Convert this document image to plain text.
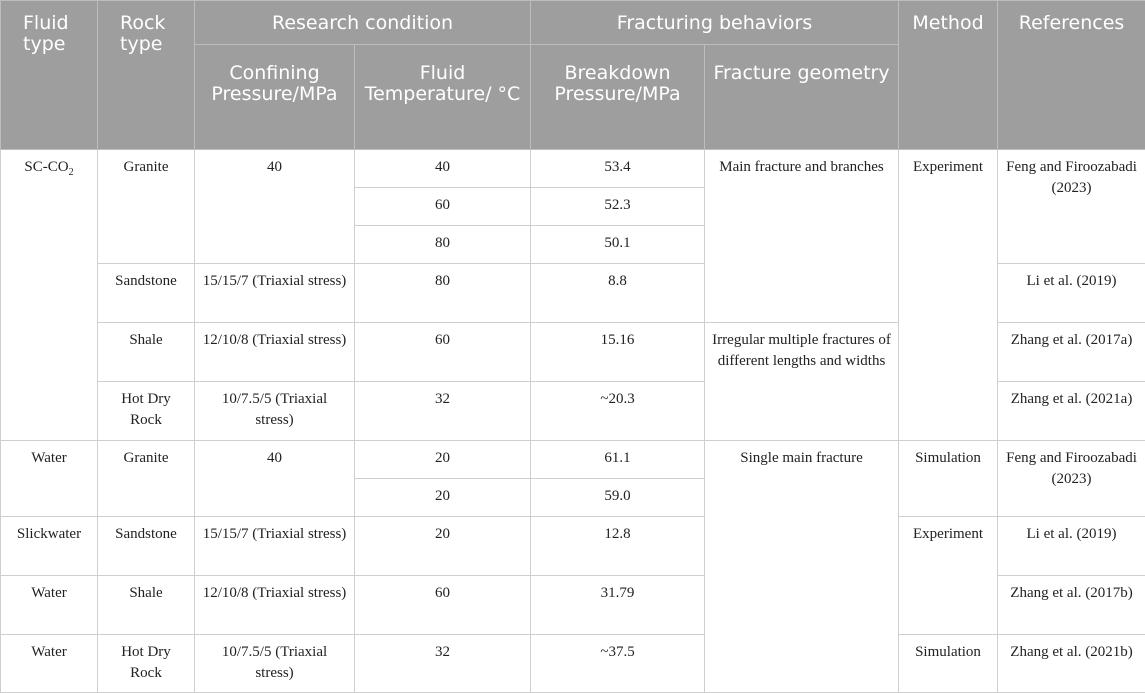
Fluid type	Rock type	Research condition		Fracturing behaviors		Method	References
		Confining Pressure/MPa	Fluid Temperature/ °C	Breakdown Pressure/MPa	Fracture geometry		
$SC-CO_2$	Granite	40	40	53.4	Main fracture and branches	Experiment	Feng and Firoozabadi (2023)
			60	52.3			
			80	50.1			
	Sandstone	15/15/7 (Triaxial stress)	80	8.8			Li et al. (2019)
	Shale	12/10/8 (Triaxial stress)	60	15.16	Irregular multiple fractures of different lengths and widths		Zhang et al. (2017a)
	Hot Dry Rock	10/7.5/5 (Triaxial stress)	32	~20.3			Zhang et al. (2021a)
Water	Granite	40	20	61.1	Single main fracture	Simulation	Feng and Firoozabadi (2023)
			20	59.0			
Slickwater	Sandstone	15/15/7 (Triaxial stress)	20	12.8		Experiment	Li et al. (2019)
Water	Shale	12/10/8 (Triaxial stress)	60	31.79			Zhang et al. (2017b)
Water	Hot Dry Rock	10/7.5/5 (Triaxial stress)	32	~37.5		Simulation	Zhang et al. (2021b)
